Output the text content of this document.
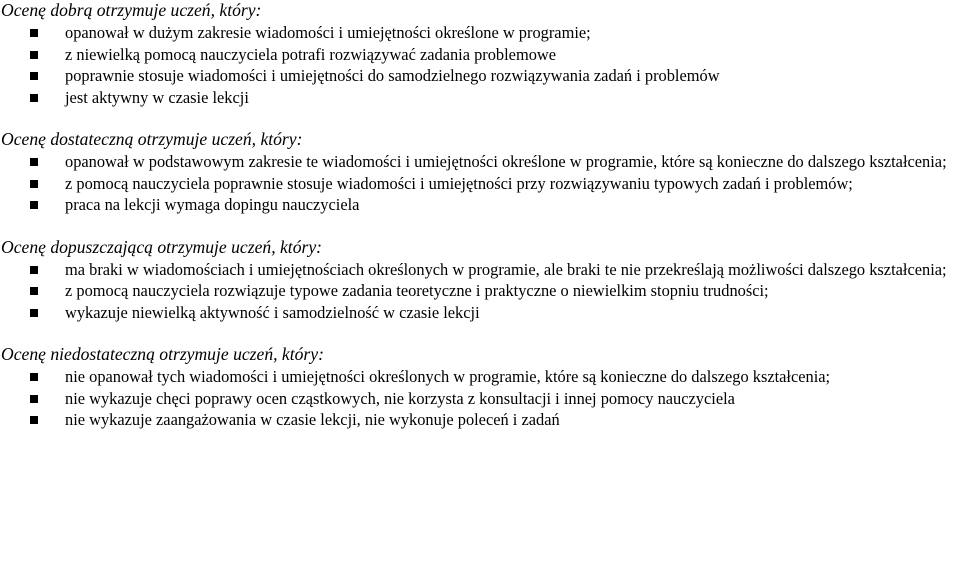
Ocenę dobrą otrzymuje uczeń, który:

opanował w dużym zakresie wiadomości i umiejętności określone w programie;
z niewielką pomocą nauczyciela potrafi rozwiązywać zadania problemowe
poprawnie stosuje wiadomości i umiejętności do samodzielnego rozwiązywania zadań i problemów
jest aktywny w czasie lekcji

Ocenę dostateczną otrzymuje uczeń, który:

opanował w podstawowym zakresie te wiadomości i umiejętności określone w programie, które są konieczne do dalszego kształcenia;
z pomocą nauczyciela poprawnie stosuje wiadomości i umiejętności przy rozwiązywaniu typowych zadań i problemów;
praca na lekcji wymaga dopingu nauczyciela

Ocenę dopuszczającą otrzymuje uczeń, który:

ma braki w wiadomościach i umiejętnościach określonych w programie, ale braki te nie przekreślają możliwości dalszego kształcenia;
z pomocą nauczyciela rozwiązuje typowe zadania teoretyczne i praktyczne o niewielkim stopniu trudności;
wykazuje niewielką aktywność i samodzielność w czasie lekcji

Ocenę niedostateczną otrzymuje uczeń, który:

nie opanował tych wiadomości i umiejętności określonych w programie, które są konieczne do dalszego kształcenia;
nie wykazuje chęci poprawy ocen cząstkowych, nie korzysta z konsultacji i innej pomocy nauczyciela
nie wykazuje zaangażowania w czasie lekcji, nie wykonuje poleceń i zadań
